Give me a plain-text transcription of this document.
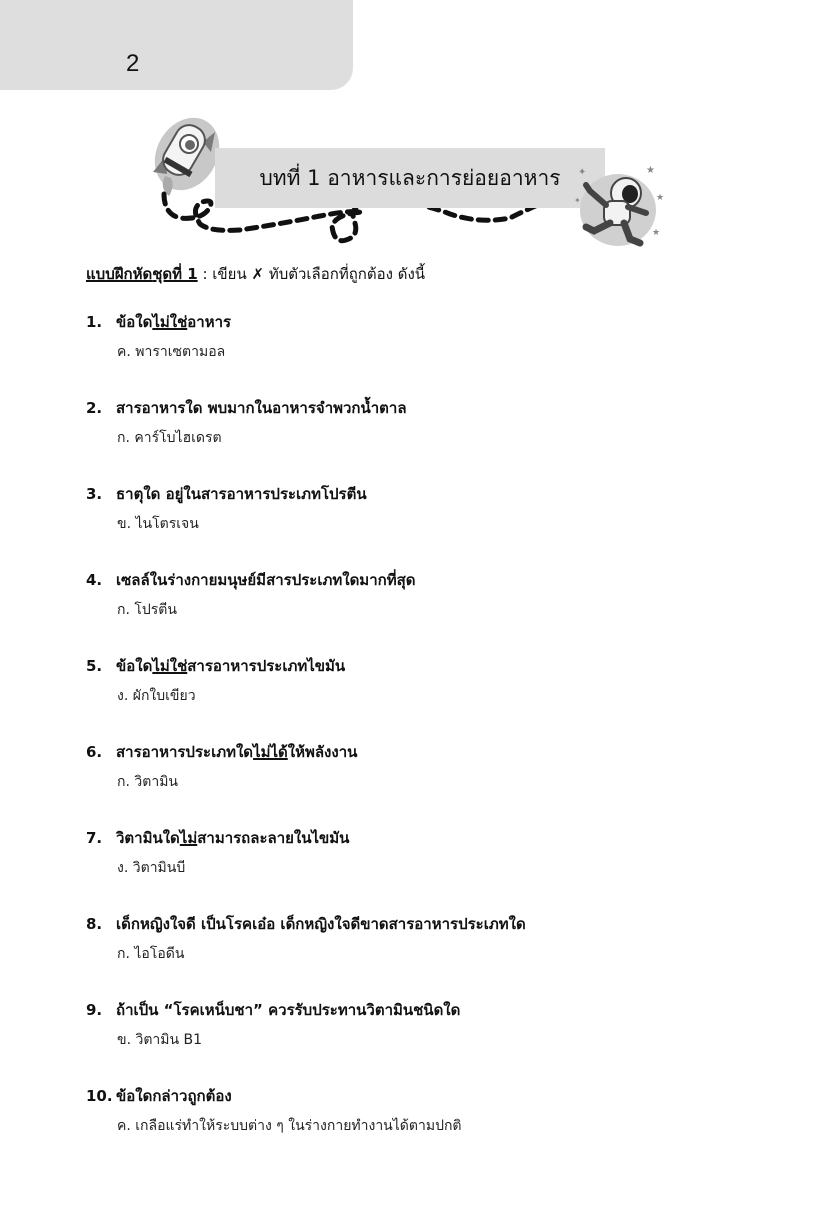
2
บทที่ 1 อาหารและการย่อยอาหาร	✦	★
★
★
✦
แบบฝึกหัดชุดที่ 1 : เขียน ✗ ทับตัวเลือกที่ถูกต้อง ดังนี้
1. ข้อใดไม่ใช่อาหาร
ค. พาราเซตามอล
2. สารอาหารใด พบมากในอาหารจำพวกน้ำตาล
ก. คาร์โบไฮเดรต
3. ธาตุใด อยู่ในสารอาหารประเภทโปรตีน
ข. ไนโตรเจน
4. เซลล์ในร่างกายมนุษย์มีสารประเภทใดมากที่สุด
ก. โปรตีน
5. ข้อใดไม่ใช่สารอาหารประเภทไขมัน
ง. ผักใบเขียว
6. สารอาหารประเภทใดไม่ได้ให้พลังงาน
ก. วิตามิน
7. วิตามินใดไม่สามารถละลายในไขมัน
ง. วิตามินบี
8. เด็กหญิงใจดี เป็นโรคเอ๋อ เด็กหญิงใจดีขาดสารอาหารประเภทใด
ก. ไอโอดีน
9. ถ้าเป็น “โรคเหน็บชา” ควรรับประทานวิตามินชนิดใด
ข. วิตามิน B1
10. ข้อใดกล่าวถูกต้อง
ค. เกลือแร่ทำให้ระบบต่าง ๆ ในร่างกายทำงานได้ตามปกติ
